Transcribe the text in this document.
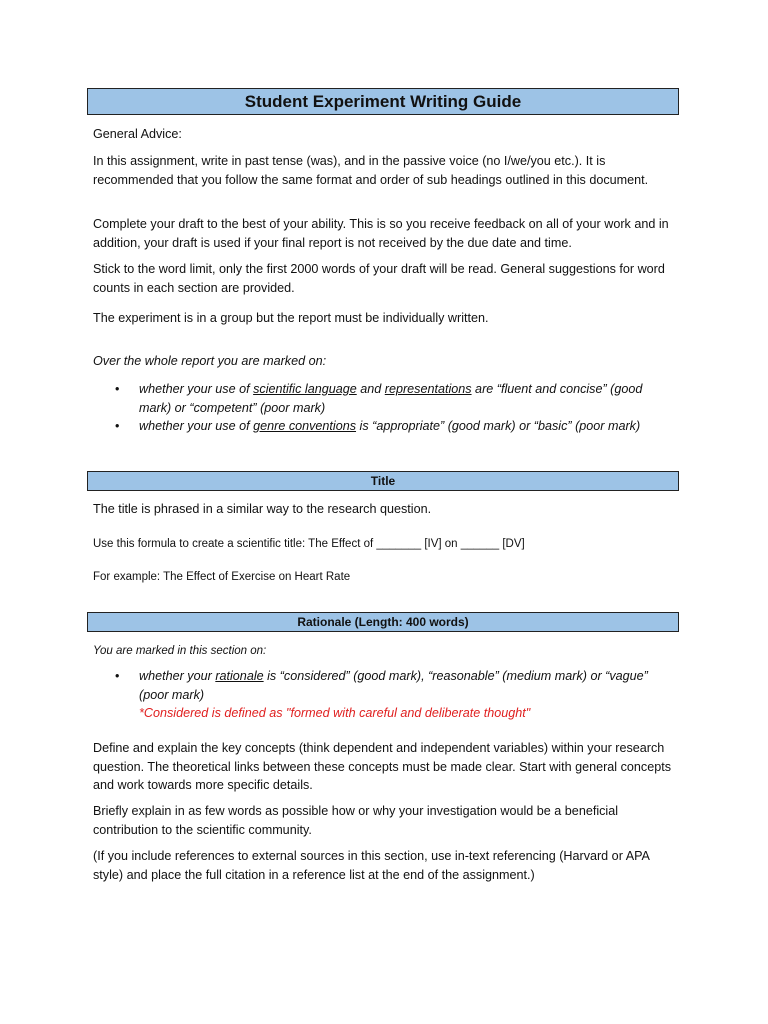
Student Experiment Writing Guide

General Advice:

In this assignment, write in past tense (was), and in the passive voice (no I/we/you etc.). It is recommended that you follow the same format and order of sub headings outlined in this document.

Complete your draft to the best of your ability. This is so you receive feedback on all of your work and in addition, your draft is used if your final report is not received by the due date and time.

Stick to the word limit, only the first 2000 words of your draft will be read. General suggestions for word counts in each section are provided.

The experiment is in a group but the report must be individually written.

Over the whole report you are marked on:

• whether your use of scientific language and representations are “fluent and concise” (good mark) or “competent” (poor mark)
• whether your use of genre conventions is “appropriate” (good mark) or “basic” (poor mark)
Title

The title is phrased in a similar way to the research question.

Use this formula to create a scientific title: The Effect of _______ [IV] on ______ [DV]

For example: The Effect of Exercise on Heart Rate

Rationale (Length: 400 words)

You are marked in this section on:

• whether your rationale is “considered” (good mark), “reasonable” (medium mark) or “vague” (poor mark)
*Considered is defined as "formed with careful and deliberate thought"

Define and explain the key concepts (think dependent and independent variables) within your research question. The theoretical links between these concepts must be made clear. Start with general concepts and work towards more specific details.

Briefly explain in as few words as possible how or why your investigation would be a beneficial contribution to the scientific community.

(If you include references to external sources in this section, use in-text referencing (Harvard or APA style) and place the full citation in a reference list at the end of the assignment.)
